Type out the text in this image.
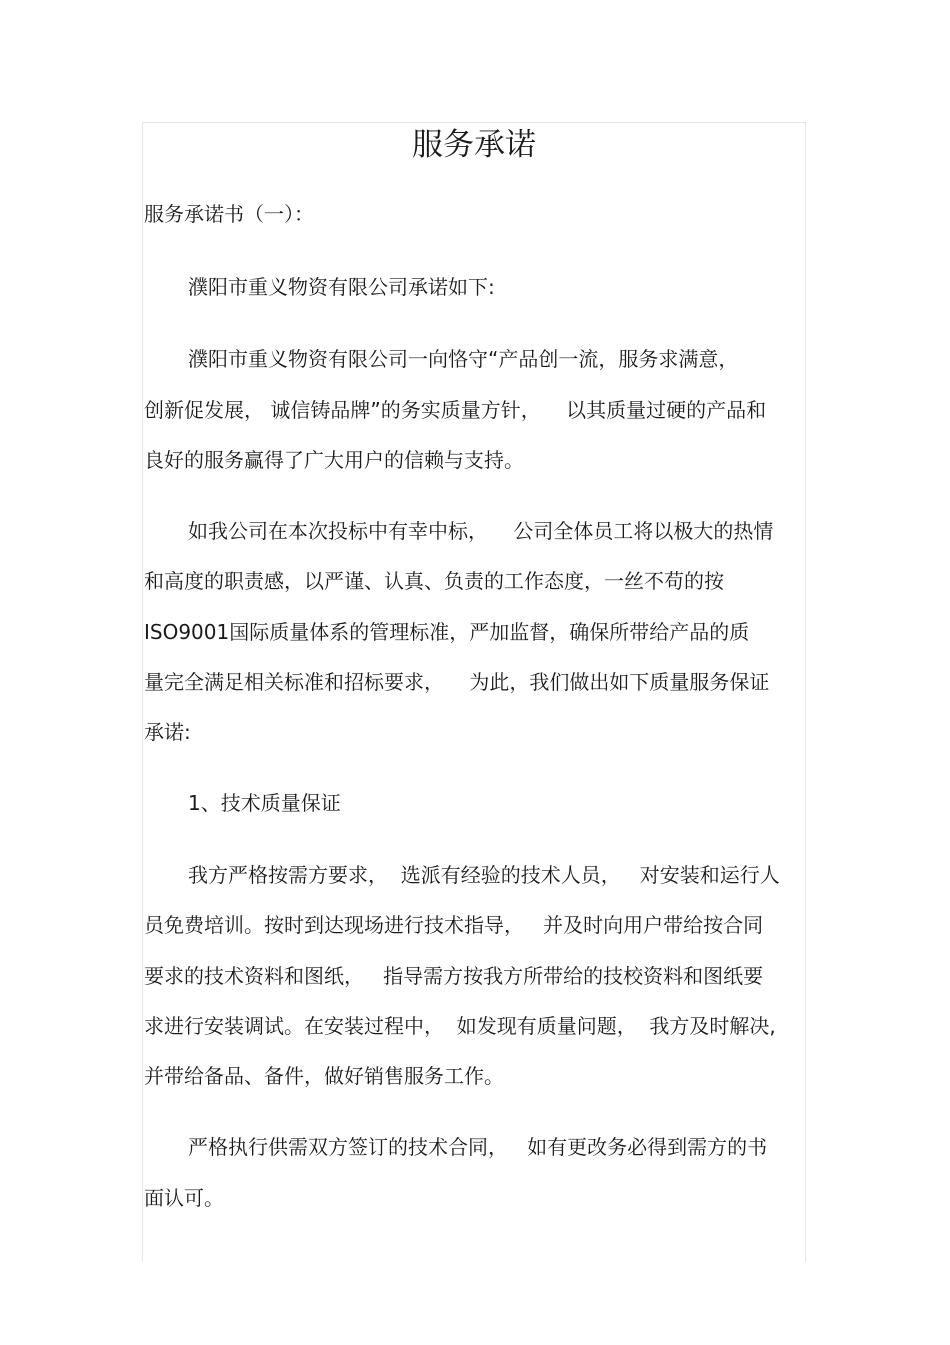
服务承诺

服务承诺书（一）：

濮阳市重义物资有限公司承诺如下:

濮阳市重义物资有限公司一向恪守“产品创一流，服务求满意，

创新促发展， 诚信铸品牌”的务实质量方针，    以其质量过硬的产品和

良好的服务赢得了广大用户的信赖与支持。

如我公司在本次投标中有幸中标，    公司全体员工将以极大的热情

和高度的职责感，以严谨、认真、负责的工作态度，一丝不苟的按

ISO9001国际质量体系的管理标准，严加监督，确保所带给产品的质

量完全满足相关标准和招标要求，    为此，我们做出如下质量服务保证

承诺:

1、技术质量保证

我方严格按需方要求，  选派有经验的技术人员，   对安装和运行人

员免费培训。按时到达现场进行技术指导，   并及时向用户带给按合同

要求的技术资料和图纸，   指导需方按我方所带给的技校资料和图纸要

求进行安装调试。在安装过程中，  如发现有质量问题，  我方及时解决,

并带给备品、备件，做好销售服务工作。

严格执行供需双方签订的技术合同，   如有更改务必得到需方的书

面认可。
